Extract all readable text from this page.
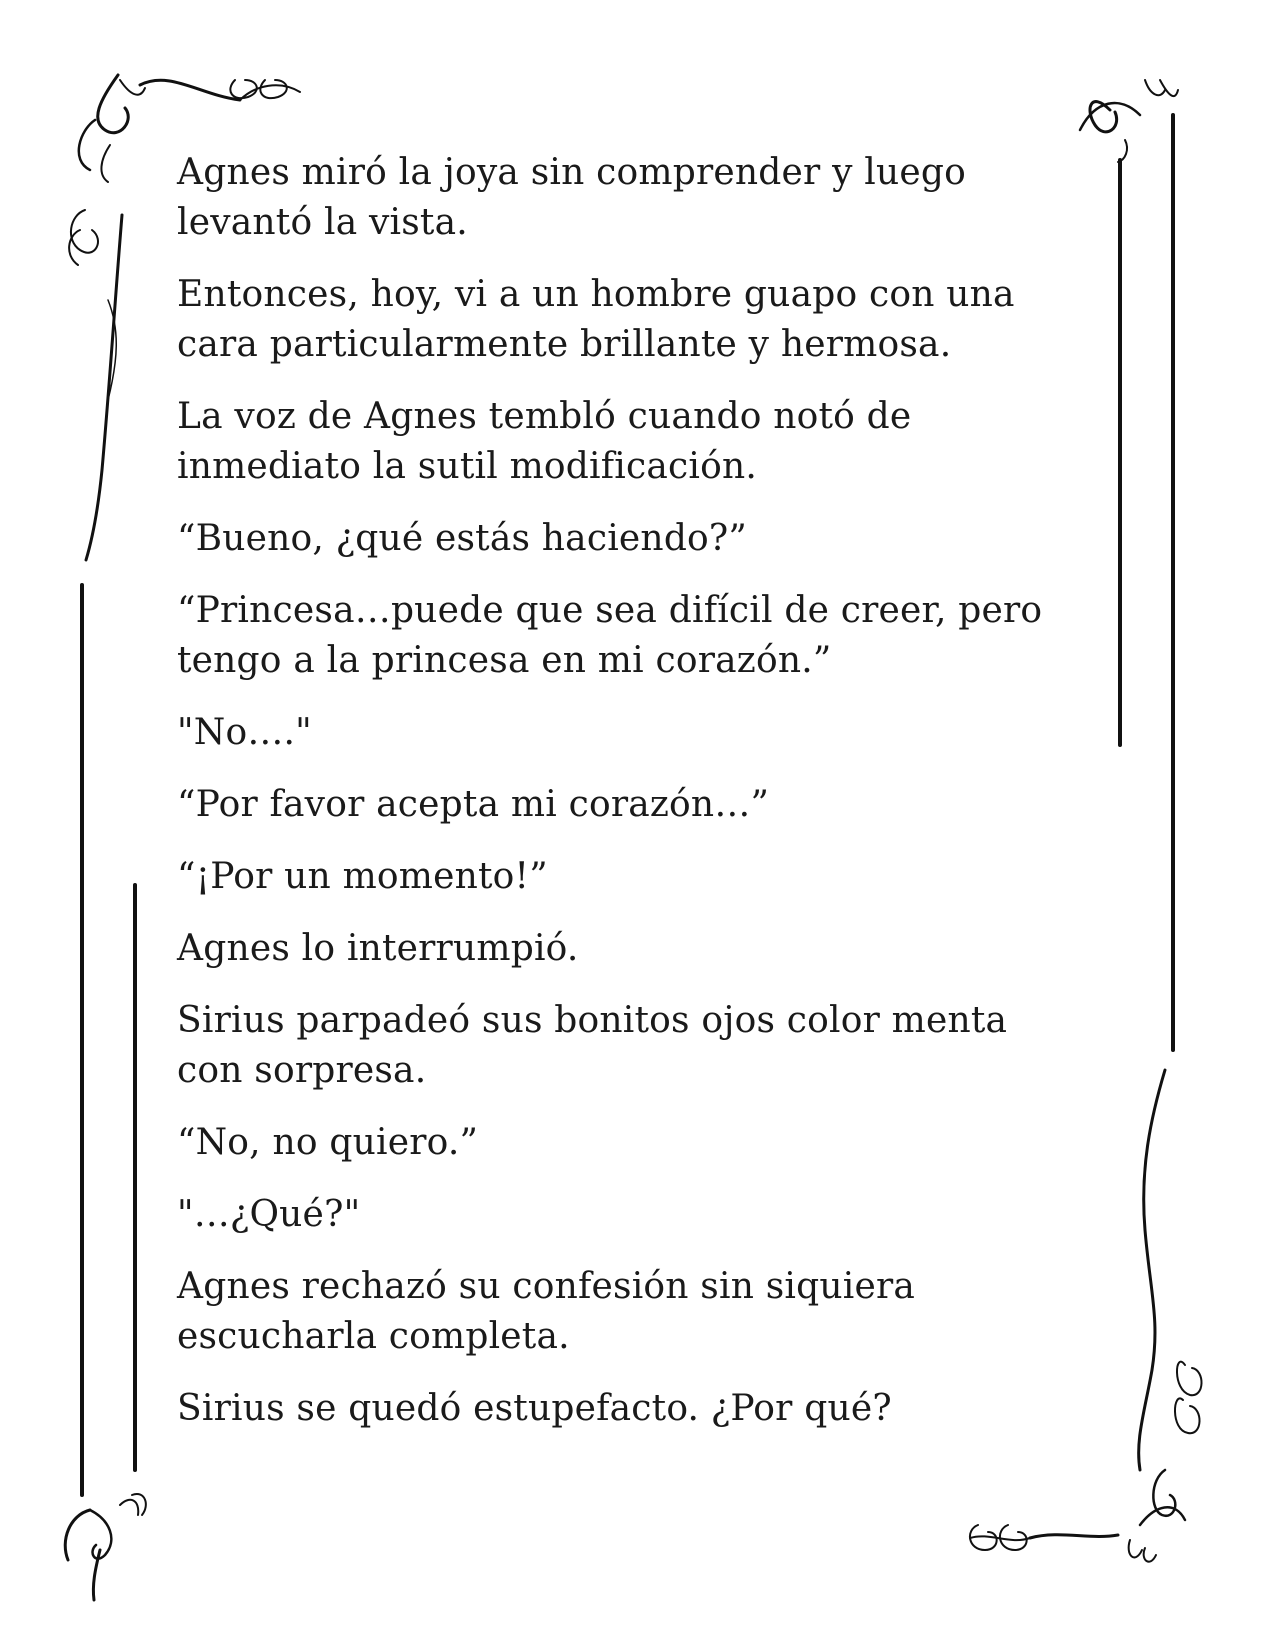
Agnes miró la joya sin comprender y luego
levantó la vista.

Entonces, hoy, vi a un hombre guapo con una
cara particularmente brillante y hermosa.

La voz de Agnes tembló cuando notó de
inmediato la sutil modificación.

“Bueno, ¿qué estás haciendo?”

“Princesa…puede que sea difícil de creer, pero
tengo a la princesa en mi corazón.”

"No…."

“Por favor acepta mi corazón…”

“¡Por un momento!”

Agnes lo interrumpió.

Sirius parpadeó sus bonitos ojos color menta
con sorpresa.

“No, no quiero.”

"…¿Qué?"

Agnes rechazó su confesión sin siquiera
escucharla completa.

Sirius se quedó estupefacto. ¿Por qué?
